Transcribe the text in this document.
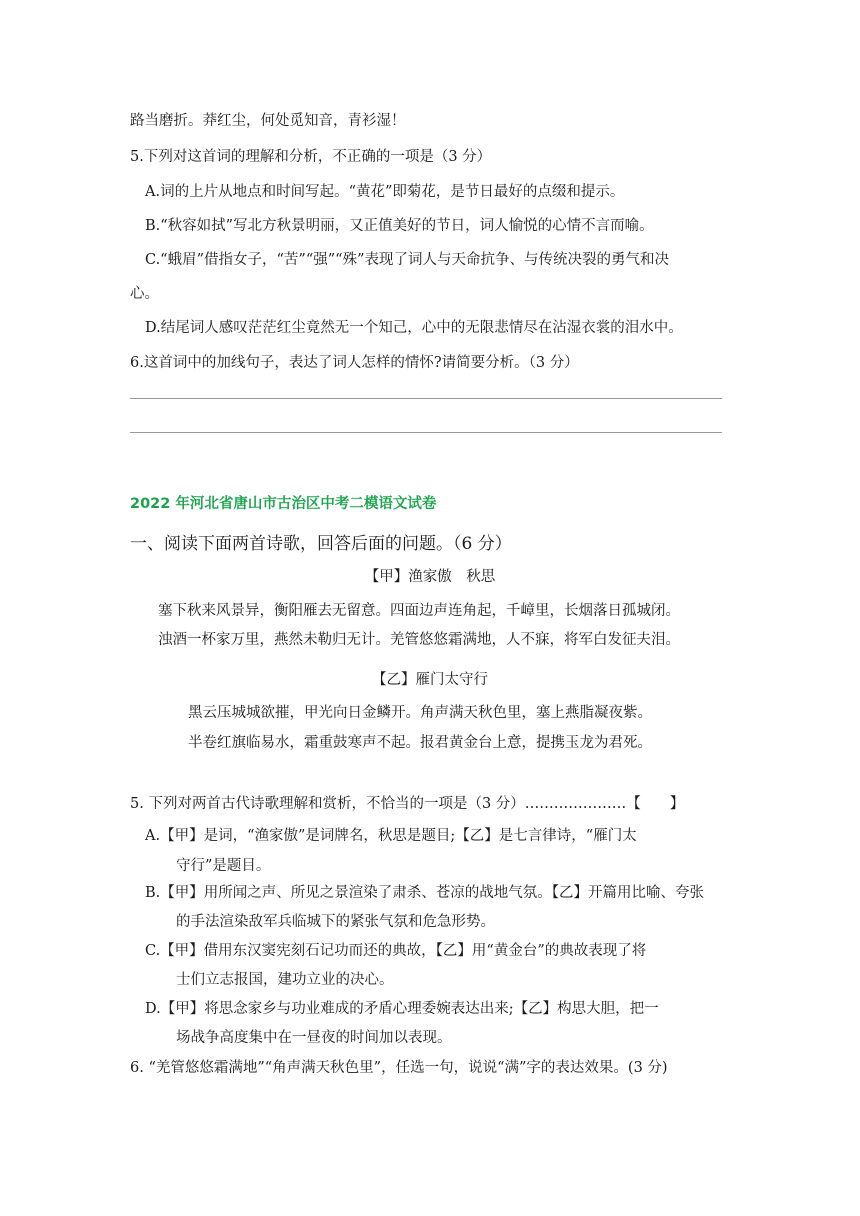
路当磨折。莽红尘，何处觅知音，青衫湿！
5.下列对这首词的理解和分析，不正确的一项是（3 分）
A.词的上片从地点和时间写起。“黄花”即菊花，是节日最好的点缀和提示。
B.“秋容如拭”写北方秋景明丽，又正值美好的节日，词人愉悦的心情不言而喻。
C.“蛾眉”借指女子，“苦”“强”“殊”表现了词人与天命抗争、与传统决裂的勇气和决
心。
D.结尾词人感叹茫茫红尘竟然无一个知己，心中的无限悲情尽在沾湿衣裳的泪水中。
6.这首词中的加线句子，表达了词人怎样的情怀?请简要分析。（3 分）
2022 年河北省唐山市古治区中考二模语文试卷
一、阅读下面两首诗歌，回答后面的问题。（6 分）
【甲】渔家傲　秋思
塞下秋来风景异，衡阳雁去无留意。四面边声连角起，千嶂里，长烟落日孤城闭。
浊酒一杯家万里，燕然未勒归无计。羌管悠悠霜满地，人不寐，将军白发征夫泪。
【乙】雁门太守行
黑云压城城欲摧，甲光向日金鳞开。角声满天秋色里，塞上燕脂凝夜紫。
半卷红旗临易水，霜重鼓寒声不起。报君黄金台上意，提携玉龙为君死。
5. 下列对两首古代诗歌理解和赏析，不恰当的一项是（3 分）…………………【　　】
A.【甲】是词，“渔家傲”是词牌名，秋思是题目;【乙】是七言律诗，“雁门太
守行”是题目。
B.【甲】用所闻之声、所见之景渲染了肃杀、苍凉的战地气氛。【乙】开篇用比喻、夸张
的手法渲染敌军兵临城下的紧张气氛和危急形势。
C.【甲】借用东汉窦宪刻石记功而还的典故，【乙】用“黄金台”的典故表现了将
士们立志报国，建功立业的决心。
D.【甲】将思念家乡与功业难成的矛盾心理委婉表达出来;【乙】构思大胆，把一
场战争高度集中在一昼夜的时间加以表现。
6. “羌管悠悠霜满地”“角声满天秋色里”，任选一句，说说“满”字的表达效果。(3 分)
